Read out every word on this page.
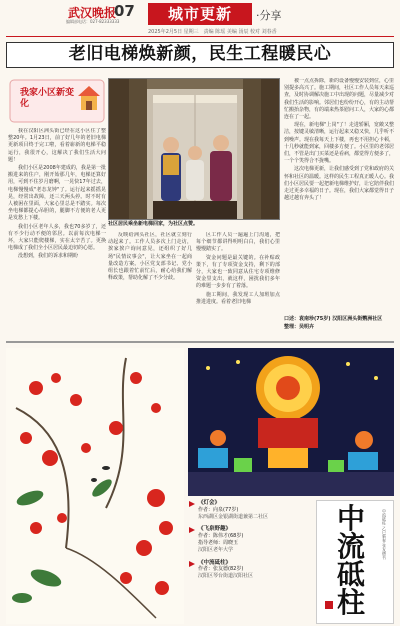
武汉晚报
07
编辑部电话：027-82333333	城市更新	·分享
2025年2月5日 星期三　责编 陈瑶 美编 汤辰 校对 刘春香
老旧电梯焕新颜，民生工程暖民心
我家小区新变化

我在汉阳区洲头街已经在这小区住了整整20年。1月23日，前了好几年的老旧电梯更新项目终于完工啦，看着崭新的电梯平稳运行，我很开心，这解决了我们生活大问题！

我们小区是2008年建成的，我是第一批搬进来的住户，刚开始那几年，电梯还算好用，可到不住岁月磨啊，一晃快17年过去，电梯慢慢成"老态龙钟"了。运行起来摇摇晃晃，经常出故障，还三天两头停。时不时有人被困在里面，大家心里总是不踏实。每次坐电梯都提心吊胆的，腿脚不方便的老人更是发愁上下楼。

我们小区老年人多，我也70多岁了，还有不少行动不便的邻居。以前每次电梯一坏，大家只能爬楼梯，实在太辛苦了。更换电梯成了我们全小区居民最迫切的心愿。

没想到，我们的诉求和期盼

社区居民乘坐新电梯回家，为社区点赞。

反映给洲头社区，社区就立刻行动起来了。工作人员多次上门走访，挨家挨户询问意见，还组织了好几场"民情议事会"，让大家坐在一起商量改造方案。小区党支部书记、党小组长也跟着忙前忙后，耐心给我们解释政策，帮助化解了不少分歧。

区工作人员一遍遍上门沟通，把每个细节都讲得明明白白，我们心里慢慢踏实了。

资金问题是最关键的。在补贴政策下，有了专项资金支持，剩下的部分，大家也一致同意从住宅专项维修资金里支出，就这样，困扰我们多年的难题一步步有了着落。

施工期间，我发现工人加班加点推进进度。看着老旧电梯

被一点点拆除，新的设备慢慢安装到位，心里别提多高兴了。施工期间，社区工作人员每天来巡查，及时协调解决施工中出现的问题，尽量减少对我们生活的影响。邻居们也纷纷开心，有的主动帮忙搬抬杂物，有的端来热茶慰问工人，大家的心都连在了一起。

现在，新电梯"上岗"了！走进轿厢，宽敞又整洁，按键灵敏清晰，运行起来又稳又快，几乎听不到噪声。现在我每天上下楼，再也不用担心卡顿，十几秒就能到家，回楼多方便了。小区里的老邻居们，不管是出门买菜还是看病，都觉得方便多了，一个个笑得合不拢嘴。

这次电梯更新，让我们感受到了党和政府的关怀和社区的温暖。这样的民生工程真正暖人心。我们小区居民要一起把新电梯维护好，让它陪伴我们走过更多幸福的日子。现在，我们大家都觉得日子越过越有奔头了！

口述：袁南珍(75岁) 汉阳区洲头街鹦洲社区
整理：吴明卉
《灯会》
作者：向泉(77岁)
东西湖区金银湖街道兼第二社区
《飞泉野趣》
作者：陈伟才(68岁)
指导老师：周晓玉
汉阳区老年大学
《中流砥柱》
作者：张友德(82岁)
汉阳区琴台街道汉阳社区
中
流
砥
柱
中流砥柱 乙巳新春 张友德书
